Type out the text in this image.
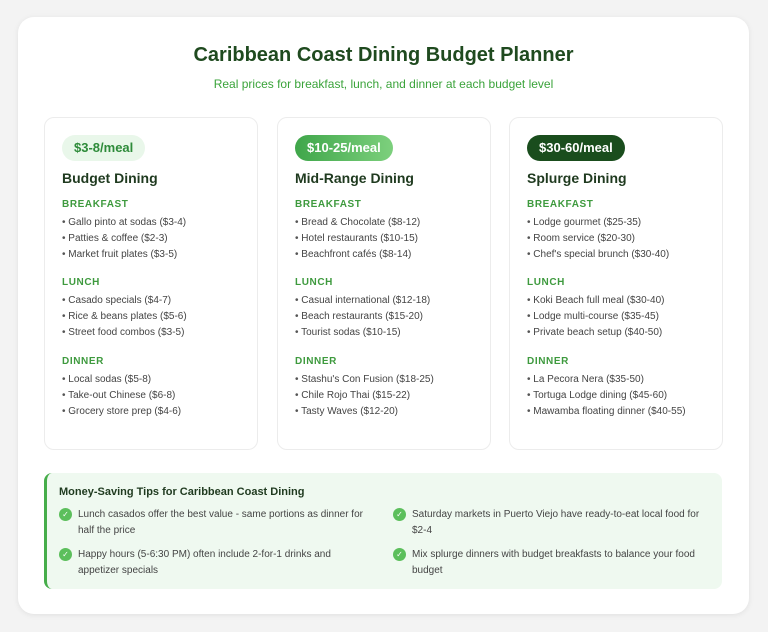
Caribbean Coast Dining Budget Planner
Real prices for breakfast, lunch, and dinner at each budget level
$3-8/meal
Budget Dining
BREAKFAST
• Gallo pinto at sodas ($3-4)
• Patties & coffee ($2-3)
• Market fruit plates ($3-5)
LUNCH
• Casado specials ($4-7)
• Rice & beans plates ($5-6)
• Street food combos ($3-5)
DINNER
• Local sodas ($5-8)
• Take-out Chinese ($6-8)
• Grocery store prep ($4-6)
$10-25/meal
Mid-Range Dining
BREAKFAST
• Bread & Chocolate ($8-12)
• Hotel restaurants ($10-15)
• Beachfront cafés ($8-14)
LUNCH
• Casual international ($12-18)
• Beach restaurants ($15-20)
• Tourist sodas ($10-15)
DINNER
• Stashu's Con Fusion ($18-25)
• Chile Rojo Thai ($15-22)
• Tasty Waves ($12-20)
$30-60/meal
Splurge Dining
BREAKFAST
• Lodge gourmet ($25-35)
• Room service ($20-30)
• Chef's special brunch ($30-40)
LUNCH
• Koki Beach full meal ($30-40)
• Lodge multi-course ($35-45)
• Private beach setup ($40-50)
DINNER
• La Pecora Nera ($35-50)
• Tortuga Lodge dining ($45-60)
• Mawamba floating dinner ($40-55)
Money-Saving Tips for Caribbean Coast Dining
✓ Lunch casados offer the best value - same portions as dinner for half the price
✓ Saturday markets in Puerto Viejo have ready-to-eat local food for $2-4
✓ Happy hours (5-6:30 PM) often include 2-for-1 drinks and appetizer specials
✓ Mix splurge dinners with budget breakfasts to balance your food budget
